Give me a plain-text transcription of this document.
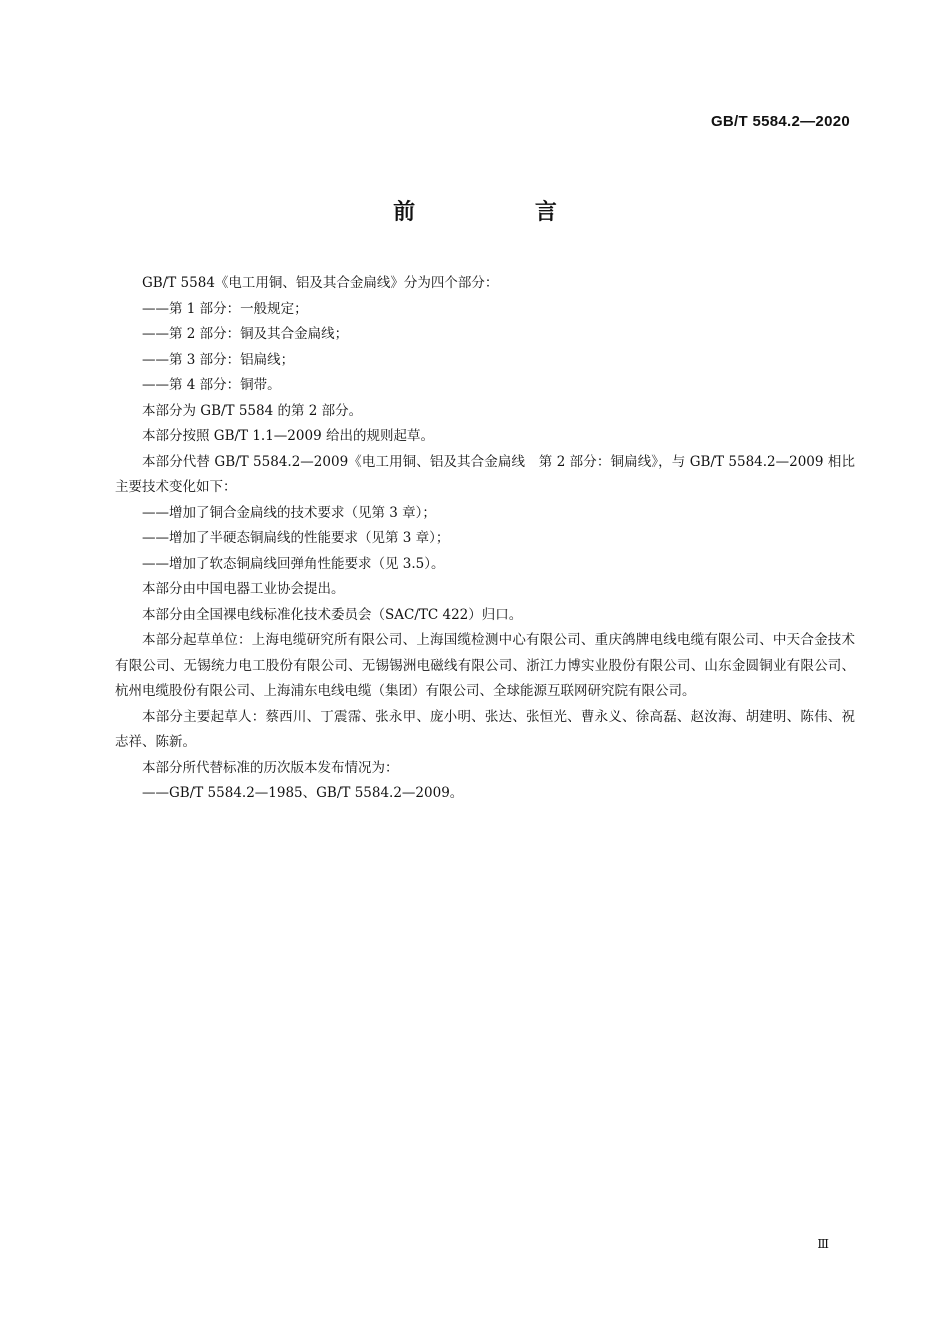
GB/T 5584.2—2020
前 言

GB/T 5584《电工用铜、铝及其合金扁线》分为四个部分：

——第 1 部分：一般规定；

——第 2 部分：铜及其合金扁线；

——第 3 部分：铝扁线；

——第 4 部分：铜带。

本部分为 GB/T 5584 的第 2 部分。

本部分按照 GB/T 1.1—2009 给出的规则起草。

本部分代替 GB/T 5584.2—2009《电工用铜、铝及其合金扁线　第 2 部分：铜扁线》，与 GB/T 5584.2—2009 相比主要技术变化如下：

——增加了铜合金扁线的技术要求（见第 3 章）；

——增加了半硬态铜扁线的性能要求（见第 3 章）；

——增加了软态铜扁线回弹角性能要求（见 3.5）。

本部分由中国电器工业协会提出。

本部分由全国裸电线标准化技术委员会（SAC/TC 422）归口。

本部分起草单位：上海电缆研究所有限公司、上海国缆检测中心有限公司、重庆鸽牌电线电缆有限公司、中天合金技术有限公司、无锡统力电工股份有限公司、无锡锡洲电磁线有限公司、浙江力博实业股份有限公司、山东金圆铜业有限公司、杭州电缆股份有限公司、上海浦东电线电缆（集团）有限公司、全球能源互联网研究院有限公司。

本部分主要起草人：蔡西川、丁震霈、张永甲、庞小明、张达、张恒光、曹永义、徐高磊、赵汝海、胡建明、陈伟、祝志祥、陈新。

本部分所代替标准的历次版本发布情况为：

——GB/T 5584.2—1985、GB/T 5584.2—2009。

Ⅲ
